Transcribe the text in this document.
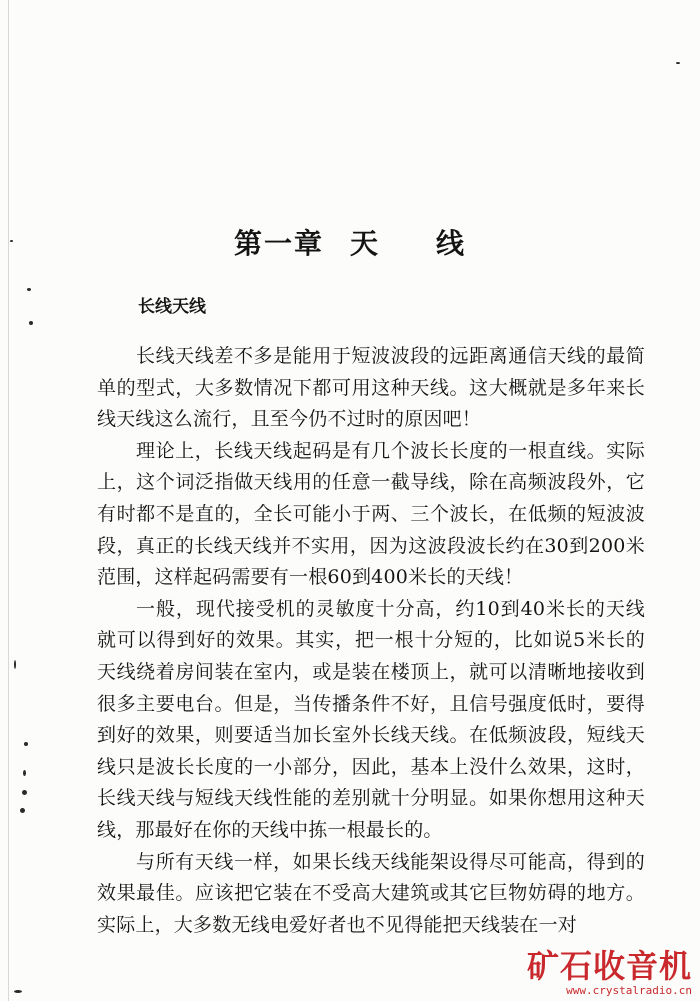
第一章 天 线
长线天线

长线天线差不多是能用于短波波段的远距离通信天线的最简单的型式，大多数情况下都可用这种天线。这大概就是多年来长线天线这么流行，且至今仍不过时的原因吧！

理论上，长线天线起码是有几个波长长度的一根直线。实际上，这个词泛指做天线用的任意一截导线，除在高频波段外，它有时都不是直的，全长可能小于两、三个波长，在低频的短波波段，真正的长线天线并不实用，因为这波段波长约在30到200米范围，这样起码需要有一根60到400米长的天线！

一般，现代接受机的灵敏度十分高，约10到40米长的天线就可以得到好的效果。其实，把一根十分短的，比如说5米长的天线绕着房间装在室内，或是装在楼顶上，就可以清晰地接收到很多主要电台。但是，当传播条件不好，且信号强度低时，要得到好的效果，则要适当加长室外长线天线。在低频波段，短线天线只是波长长度的一小部分，因此，基本上没什么效果，这时，长线天线与短线天线性能的差别就十分明显。如果你想用这种天线，那最好在你的天线中拣一根最长的。

与所有天线一样，如果长线天线能架设得尽可能高，得到的效果最佳。应该把它装在不受高大建筑或其它巨物妨碍的地方。实际上，大多数无线电爱好者也不见得能把天线装在一对

矿石收音机
www.crystalradio.cn
